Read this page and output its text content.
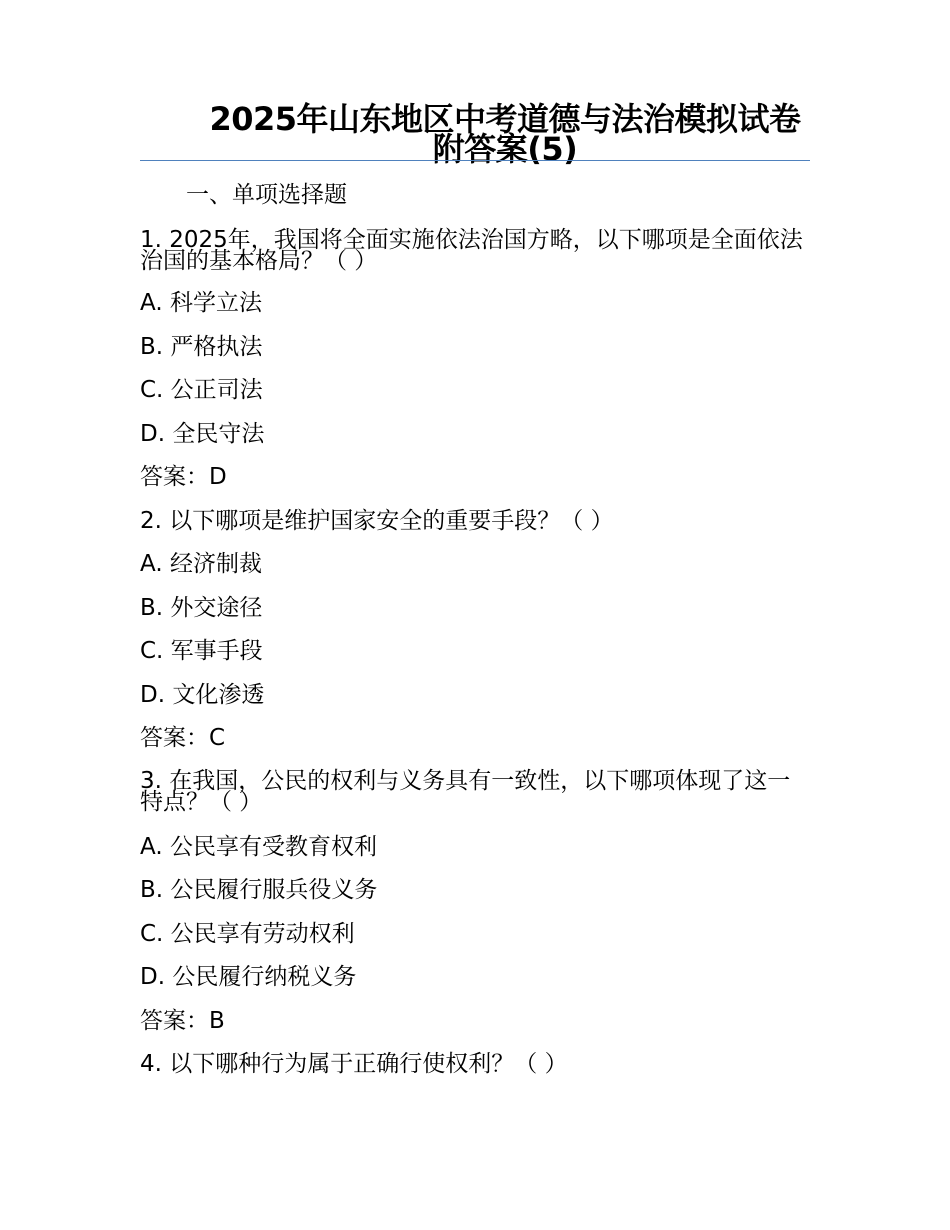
2025年山东地区中考道德与法治模拟试卷附答案(5)
一、单项选择题
1. 2025年，我国将全面实施依法治国方略，以下哪项是全面依法治国的基本格局？（ ）
A. 科学立法
B. 严格执法
C. 公正司法
D. 全民守法
答案：D
2. 以下哪项是维护国家安全的重要手段？（ ）
A. 经济制裁
B. 外交途径
C. 军事手段
D. 文化渗透
答案：C
3. 在我国，公民的权利与义务具有一致性，以下哪项体现了这一特点？（ ）
A. 公民享有受教育权利
B. 公民履行服兵役义务
C. 公民享有劳动权利
D. 公民履行纳税义务
答案：B
4. 以下哪种行为属于正确行使权利？（ ）
